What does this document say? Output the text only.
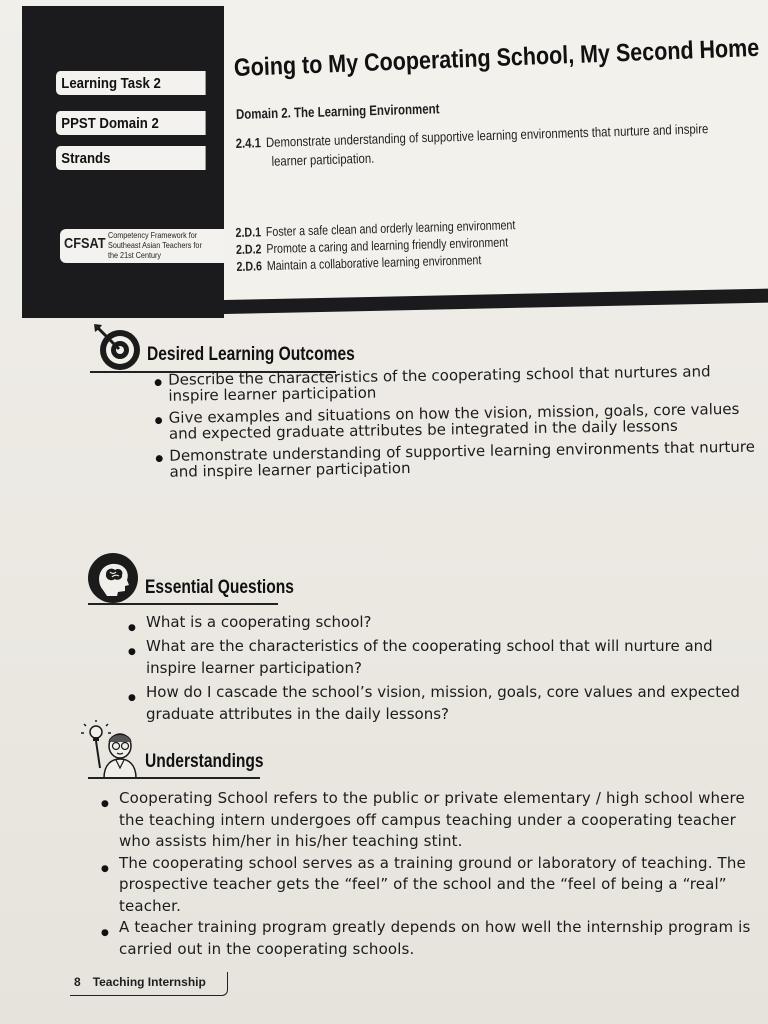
Learning Task 2
PPST Domain 2
Strands
CFSAT Competency Framework for
Southeast Asian Teachers for
the 21st Century
Going to My Cooperating School, My Second Home
Domain 2. The Learning Environment
2.4.1 Demonstrate understanding of supportive learning environments that nurture and inspire
learner participation.
2.D.1 Foster a safe clean and orderly learning environment
2.D.2 Promote a caring and learning friendly environment
2.D.6 Maintain a collaborative learning environment
Desired Learning Outcomes
● Describe the characteristics of the cooperating school that nurtures and inspire learner participation
● Give examples and situations on how the vision, mission, goals, core values and expected graduate attributes be integrated in the daily lessons
● Demonstrate understanding of supportive learning environments that nurture and inspire learner participation
Essential Questions
● What is a cooperating school?
● What are the characteristics of the cooperating school that will nurture and inspire learner participation?
● How do I cascade the school’s vision, mission, goals, core values and expected graduate attributes in the daily lessons?
Understandings
● Cooperating School refers to the public or private elementary / high school where the teaching intern undergoes off campus teaching under a cooperating teacher who assists him/her in his/her teaching stint.
● The cooperating school serves as a training ground or laboratory of teaching. The prospective teacher gets the “feel” of the school and the “feel of being a “real” teacher.
● A teacher training program greatly depends on how well the internship program is carried out in the cooperating schools.
8 Teaching Internship
